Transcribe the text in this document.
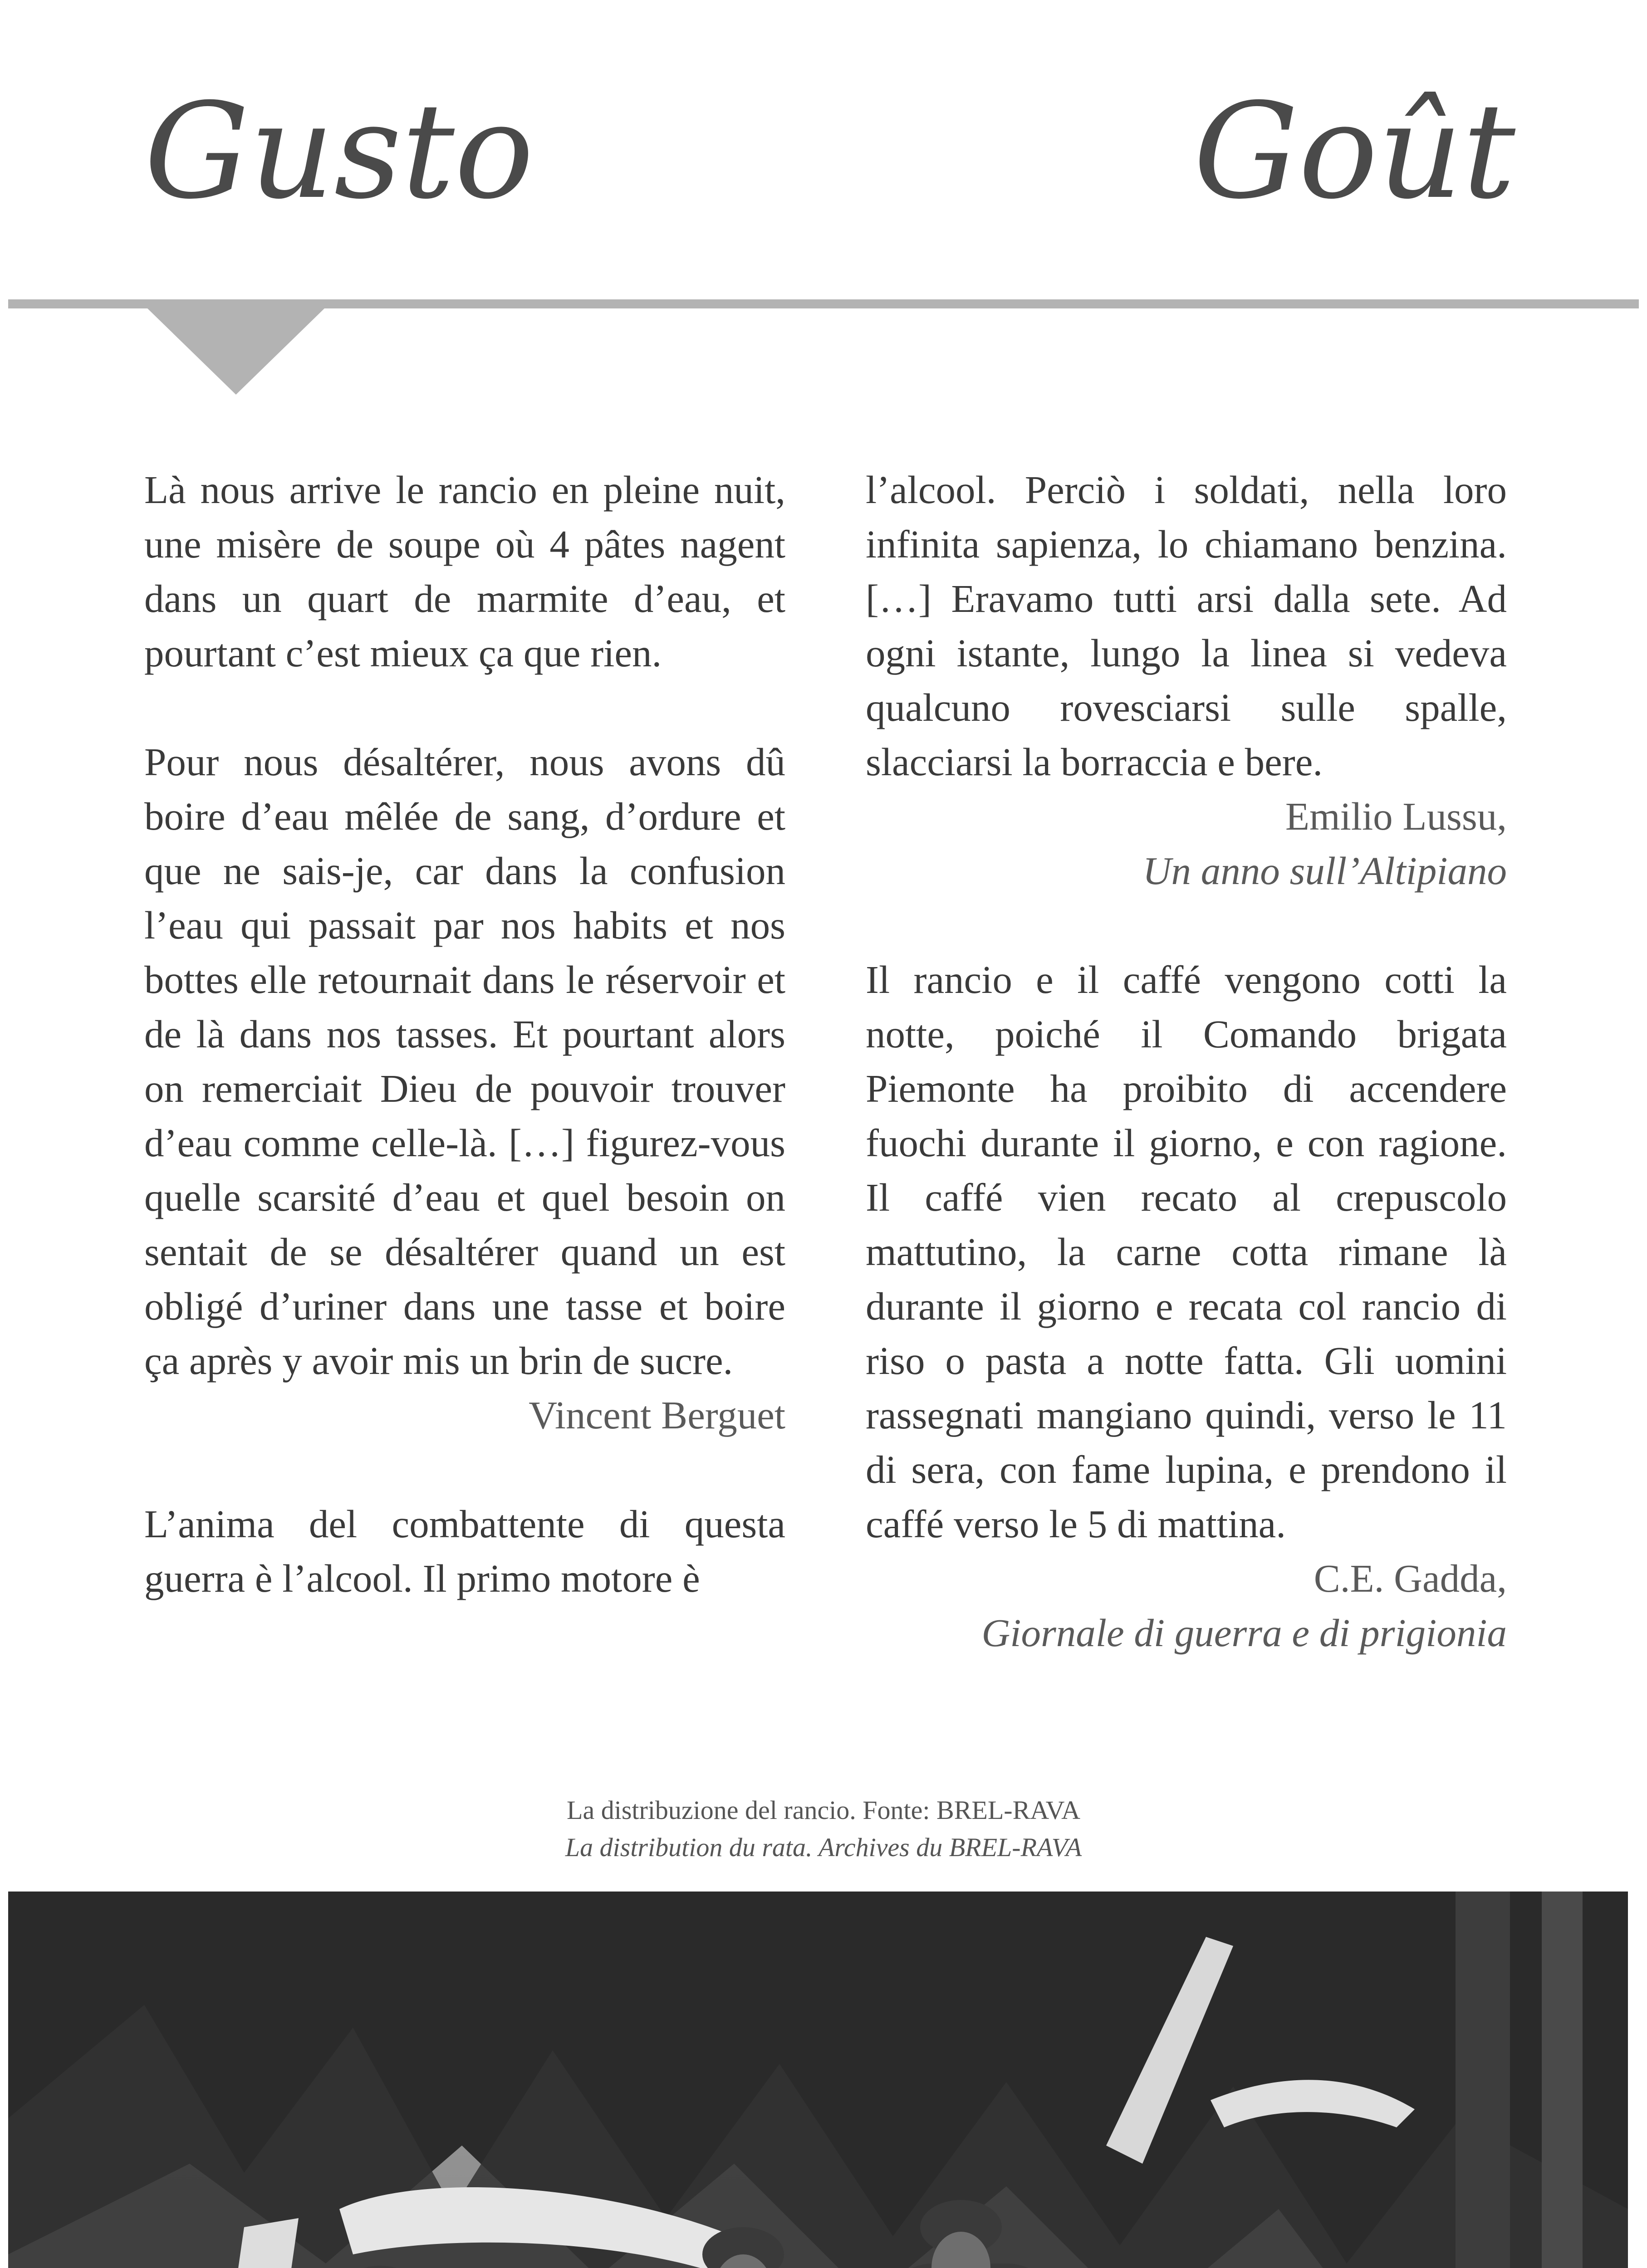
Gusto	Goût

Là nous arrive le rancio en pleine nuit, une misère de soupe où 4 pâtes nagent dans un quart de marmite d’eau, et pourtant c’est mieux ça que rien.

Pour nous désaltérer, nous avons dû boire d’eau mêlée de sang, d’ordure et que ne sais-je, car dans la confusion l’eau qui passait par nos habits et nos bottes elle retournait dans le réservoir et de là dans nos tasses. Et pourtant alors on remerciait Dieu de pouvoir trouver d’eau comme celle-là. […] figurez-vous quelle scarsité d’eau et quel besoin on sentait de se désaltérer quand un est obligé d’uriner dans une tasse et boire ça après y avoir mis un brin de sucre.

Vincent Berguet

L’anima del combattente di questa guerra è l’alcool. Il primo motore è

l’alcool. Perciò i soldati, nella loro infinita sapienza, lo chiamano benzina. […] Eravamo tutti arsi dalla sete. Ad ogni istante, lungo la linea si vedeva qualcuno rovesciarsi sulle spalle, slacciarsi la borraccia e bere.

Emilio Lussu,

Un anno sull’Altipiano

Il rancio e il caffé vengono cotti la notte, poiché il Comando brigata Piemonte ha proibito di accendere fuochi durante il giorno, e con ragione. Il caffé vien recato al crepuscolo mattutino, la carne cotta rimane là durante il giorno e recata col rancio di riso o pasta a notte fatta. Gli uomini rassegnati mangiano quindi, verso le 11 di sera, con fame lupina, e prendono il caffé verso le 5 di mattina.

C.E. Gadda,

Giornale di guerra e di prigionia

La distribuzione del rancio. Fonte: BREL-RAVA
La distribution du rata. Archives du BREL-RAVA
